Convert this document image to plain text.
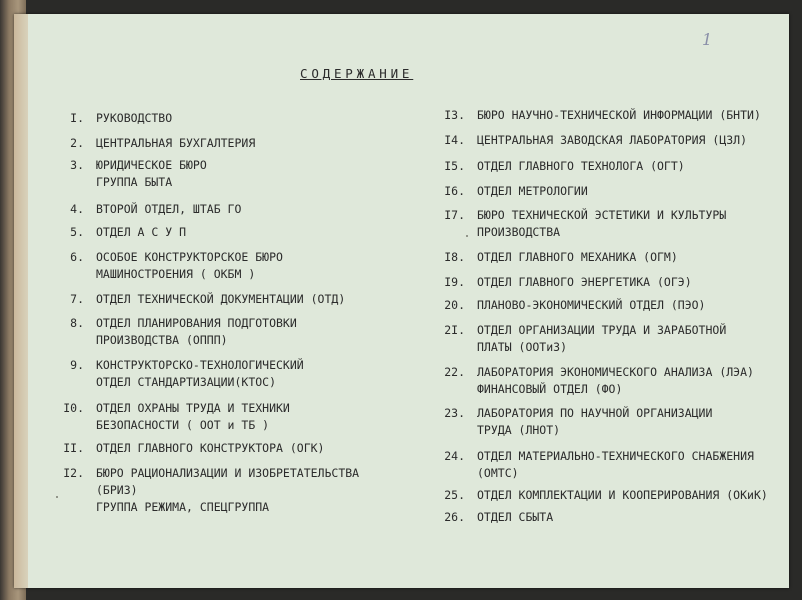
1
СОДЕРЖАНИЕ
I. РУКОВОДСТВО
2. ЦЕНТРАЛЬНАЯ БУХГАЛТЕРИЯ
3. ЮРИДИЧЕСКОЕ БЮРО
ГРУППА БЫТА
4. ВТОРОЙ ОТДЕЛ, ШТАБ ГО
5. ОТДЕЛ А С У П
6. ОСОБОЕ КОНСТРУКТОРСКОЕ БЮРО
МАШИНОСТРОЕНИЯ ( ОКБМ )
7. ОТДЕЛ ТЕХНИЧЕСКОЙ ДОКУМЕНТАЦИИ (ОТД)
8. ОТДЕЛ ПЛАНИРОВАНИЯ ПОДГОТОВКИ
ПРОИЗВОДСТВА (ОППП)
9. КОНСТРУКТОРСКО-ТЕХНОЛОГИЧЕСКИЙ
ОТДЕЛ СТАНДАРТИЗАЦИИ(КТОС)
I0. ОТДЕЛ ОХРАНЫ ТРУДА И ТЕХНИКИ
БЕЗОПАСНОСТИ ( ООТ и ТБ )
II. ОТДЕЛ ГЛАВНОГО КОНСТРУКТОРА (ОГК)
I2. БЮРО РАЦИОНАЛИЗАЦИИ И ИЗОБРЕТАТЕЛЬСТВА
(БРИЗ)
ГРУППА РЕЖИМА, СПЕЦГРУППА
I3. БЮРО НАУЧНО-ТЕХНИЧЕСКОЙ ИНФОРМАЦИИ (БНТИ)
I4. ЦЕНТРАЛЬНАЯ ЗАВОДСКАЯ ЛАБОРАТОРИЯ (ЦЗЛ)
I5. ОТДЕЛ ГЛАВНОГО ТЕХНОЛОГА (ОГТ)
I6. ОТДЕЛ МЕТРОЛОГИИ
I7. БЮРО ТЕХНИЧЕСКОЙ ЭСТЕТИКИ И КУЛЬТУРЫ
ПРОИЗВОДСТВА
I8. ОТДЕЛ ГЛАВНОГО МЕХАНИКА (ОГМ)
I9. ОТДЕЛ ГЛАВНОГО ЭНЕРГЕТИКА (ОГЭ)
20. ПЛАНОВО-ЭКОНОМИЧЕСКИЙ ОТДЕЛ (ПЭО)
2I. ОТДЕЛ ОРГАНИЗАЦИИ ТРУДА И ЗАРАБОТНОЙ
ПЛАТЫ (ООТиЗ)
22. ЛАБОРАТОРИЯ ЭКОНОМИЧЕСКОГО АНАЛИЗА (ЛЭА)
ФИНАНСОВЫЙ ОТДЕЛ (ФО)
23. ЛАБОРАТОРИЯ ПО НАУЧНОЙ ОРГАНИЗАЦИИ
ТРУДА (ЛНОТ)
24. ОТДЕЛ МАТЕРИАЛЬНО-ТЕХНИЧЕСКОГО СНАБЖЕНИЯ
(ОМТС)
25. ОТДЕЛ КОМПЛЕКТАЦИИ И КООПЕРИРОВАНИЯ (ОКиК)
26. ОТДЕЛ СБЫТА
